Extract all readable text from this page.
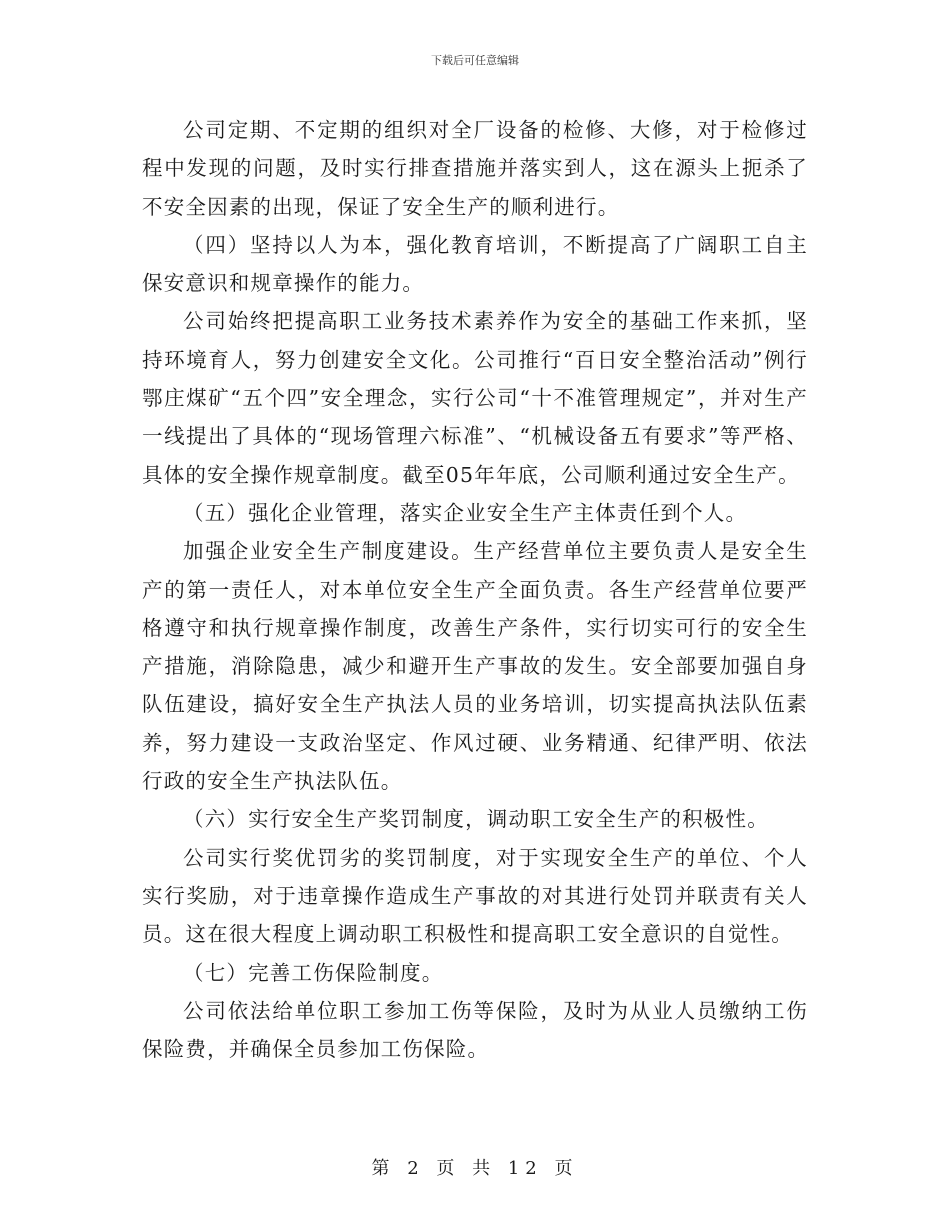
下载后可任意编辑

公司定期、不定期的组织对全厂设备的检修、大修，对于检修过程中发现的问题，及时实行排查措施并落实到人，这在源头上扼杀了不安全因素的出现，保证了安全生产的顺利进行。

（四）坚持以人为本，强化教育培训，不断提高了广阔职工自主保安意识和规章操作的能力。

公司始终把提高职工业务技术素养作为安全的基础工作来抓，坚持环境育人，努力创建安全文化。公司推行“百日安全整治活动”例行鄂庄煤矿“五个四”安全理念，实行公司“十不准管理规定”，并对生产一线提出了具体的“现场管理六标准”、“机械设备五有要求”等严格、具体的安全操作规章制度。截至05年年底，公司顺利通过安全生产。

（五）强化企业管理，落实企业安全生产主体责任到个人。

加强企业安全生产制度建设。生产经营单位主要负责人是安全生产的第一责任人，对本单位安全生产全面负责。各生产经营单位要严格遵守和执行规章操作制度，改善生产条件，实行切实可行的安全生产措施，消除隐患，减少和避开生产事故的发生。安全部要加强自身队伍建设，搞好安全生产执法人员的业务培训，切实提高执法队伍素养，努力建设一支政治坚定、作风过硬、业务精通、纪律严明、依法行政的安全生产执法队伍。

（六）实行安全生产奖罚制度，调动职工安全生产的积极性。

公司实行奖优罚劣的奖罚制度，对于实现安全生产的单位、个人实行奖励，对于违章操作造成生产事故的对其进行处罚并联责有关人员。这在很大程度上调动职工积极性和提高职工安全意识的自觉性。

（七）完善工伤保险制度。

公司依法给单位职工参加工伤等保险，及时为从业人员缴纳工伤保险费，并确保全员参加工伤保险。

第 2 页 共 12 页
